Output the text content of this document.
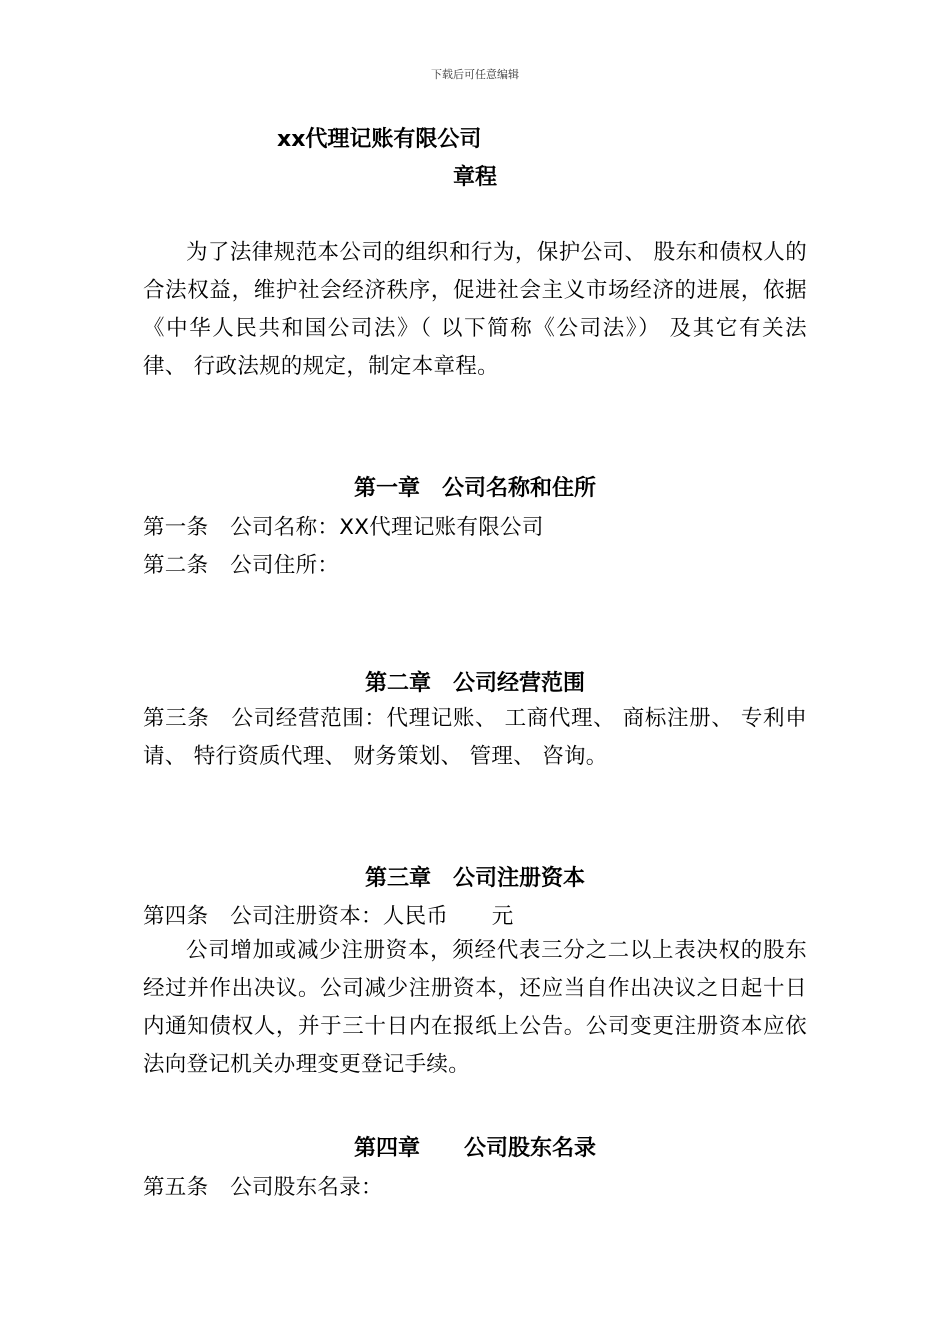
下载后可任意编辑
xx代理记账有限公司
章程
为了法律规范本公司的组织和行为，保护公司、 股东和债权人的合法权益，维护社会经济秩序，促进社会主义市场经济的进展，依据《中华人民共和国公司法》（ 以下简称《公司法》） 及其它有关法律、 行政法规的规定，制定本章程。
第一章　公司名称和住所
第一条　公司名称：XX代理记账有限公司
第二条　公司住所：
第二章　公司经营范围
第三条　公司经营范围：代理记账、 工商代理、 商标注册、 专利申请、 特行资质代理、 财务策划、 管理、 咨询。
第三章　公司注册资本
第四条　公司注册资本：人民币　　元
公司增加或减少注册资本，须经代表三分之二以上表决权的股东经过并作出决议。公司减少注册资本，还应当自作出决议之日起十日内通知债权人，并于三十日内在报纸上公告。公司变更注册资本应依法向登记机关办理变更登记手续。
第四章　　公司股东名录
第五条　公司股东名录：
